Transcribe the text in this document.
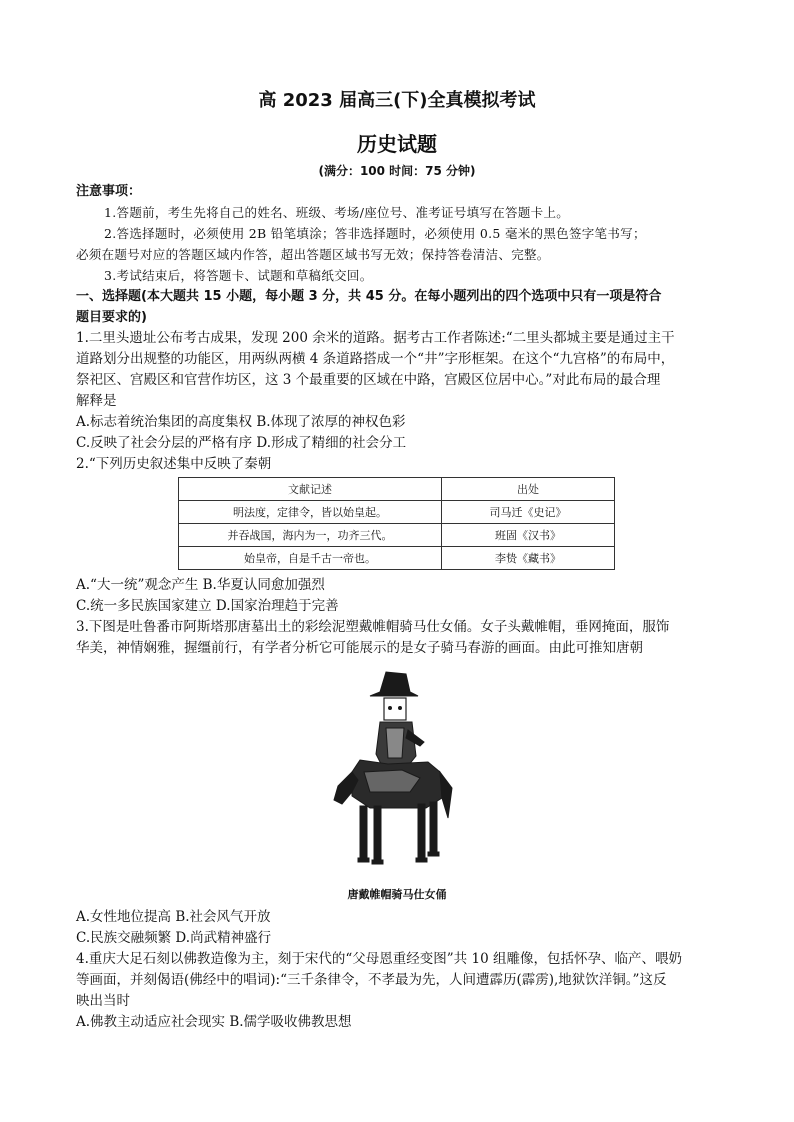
高 2023 届高三(下)全真模拟考试
历史试题
(满分：100 时间：75 分钟)
注意事项：
1.答题前，考生先将自己的姓名、班级、考场/座位号、准考证号填写在答题卡上。
2.答选择题时，必须使用 2B 铅笔填涂；答非选择题时，必须使用 0.5 毫米的黑色签字笔书写；
必须在题号对应的答题区域内作答，超出答题区域书写无效；保持答卷清洁、完整。
3.考试结束后，将答题卡、试题和草稿纸交回。
一、选择题(本大题共 15 小题，每小题 3 分，共 45 分。在每小题列出的四个选项中只有一项是符合
题目要求的)
1.二里头遗址公布考古成果，发现 200 余米的道路。据考古工作者陈述:“二里头都城主要是通过主干
道路划分出规整的功能区，用两纵两横 4 条道路搭成一个“井”字形框架。在这个“九宫格”的布局中，
祭祀区、宫殿区和官营作坊区，这 3 个最重要的区域在中路，宫殿区位居中心。”对此布局的最合理
解释是
A.标志着统治集团的高度集权 B.体现了浓厚的神权色彩
C.反映了社会分层的严格有序 D.形成了精细的社会分工
2.“下列历史叙述集中反映了秦朝
文献记述	出处
明法度，定律令，皆以始皇起。	司马迁《史记》
并吞战国，海内为一，功齐三代。	班固《汉书》
始皇帝，自是千古一帝也。	李贽《藏书》
A.“大一统”观念产生 B.华夏认同愈加强烈
C.统一多民族国家建立 D.国家治理趋于完善
3.下图是吐鲁番市阿斯塔那唐墓出土的彩绘泥塑戴帷帽骑马仕女俑。女子头戴帷帽，垂网掩面，服饰
华美，神情娴雅，握缰前行，有学者分析它可能展示的是女子骑马春游的画面。由此可推知唐朝
唐戴帷帽骑马仕女俑
A.女性地位提高 B.社会风气开放
C.民族交融频繁 D.尚武精神盛行
4.重庆大足石刻以佛教造像为主，刻于宋代的“父母恩重经变图”共 10 组雕像，包括怀孕、临产、喂奶
等画面，并刻偈语(佛经中的唱词):“三千条律令，不孝最为先，人间遭霹历(霹雳),地狱饮洋铜。”这反
映出当时
A.佛教主动适应社会现实 B.儒学吸收佛教思想
